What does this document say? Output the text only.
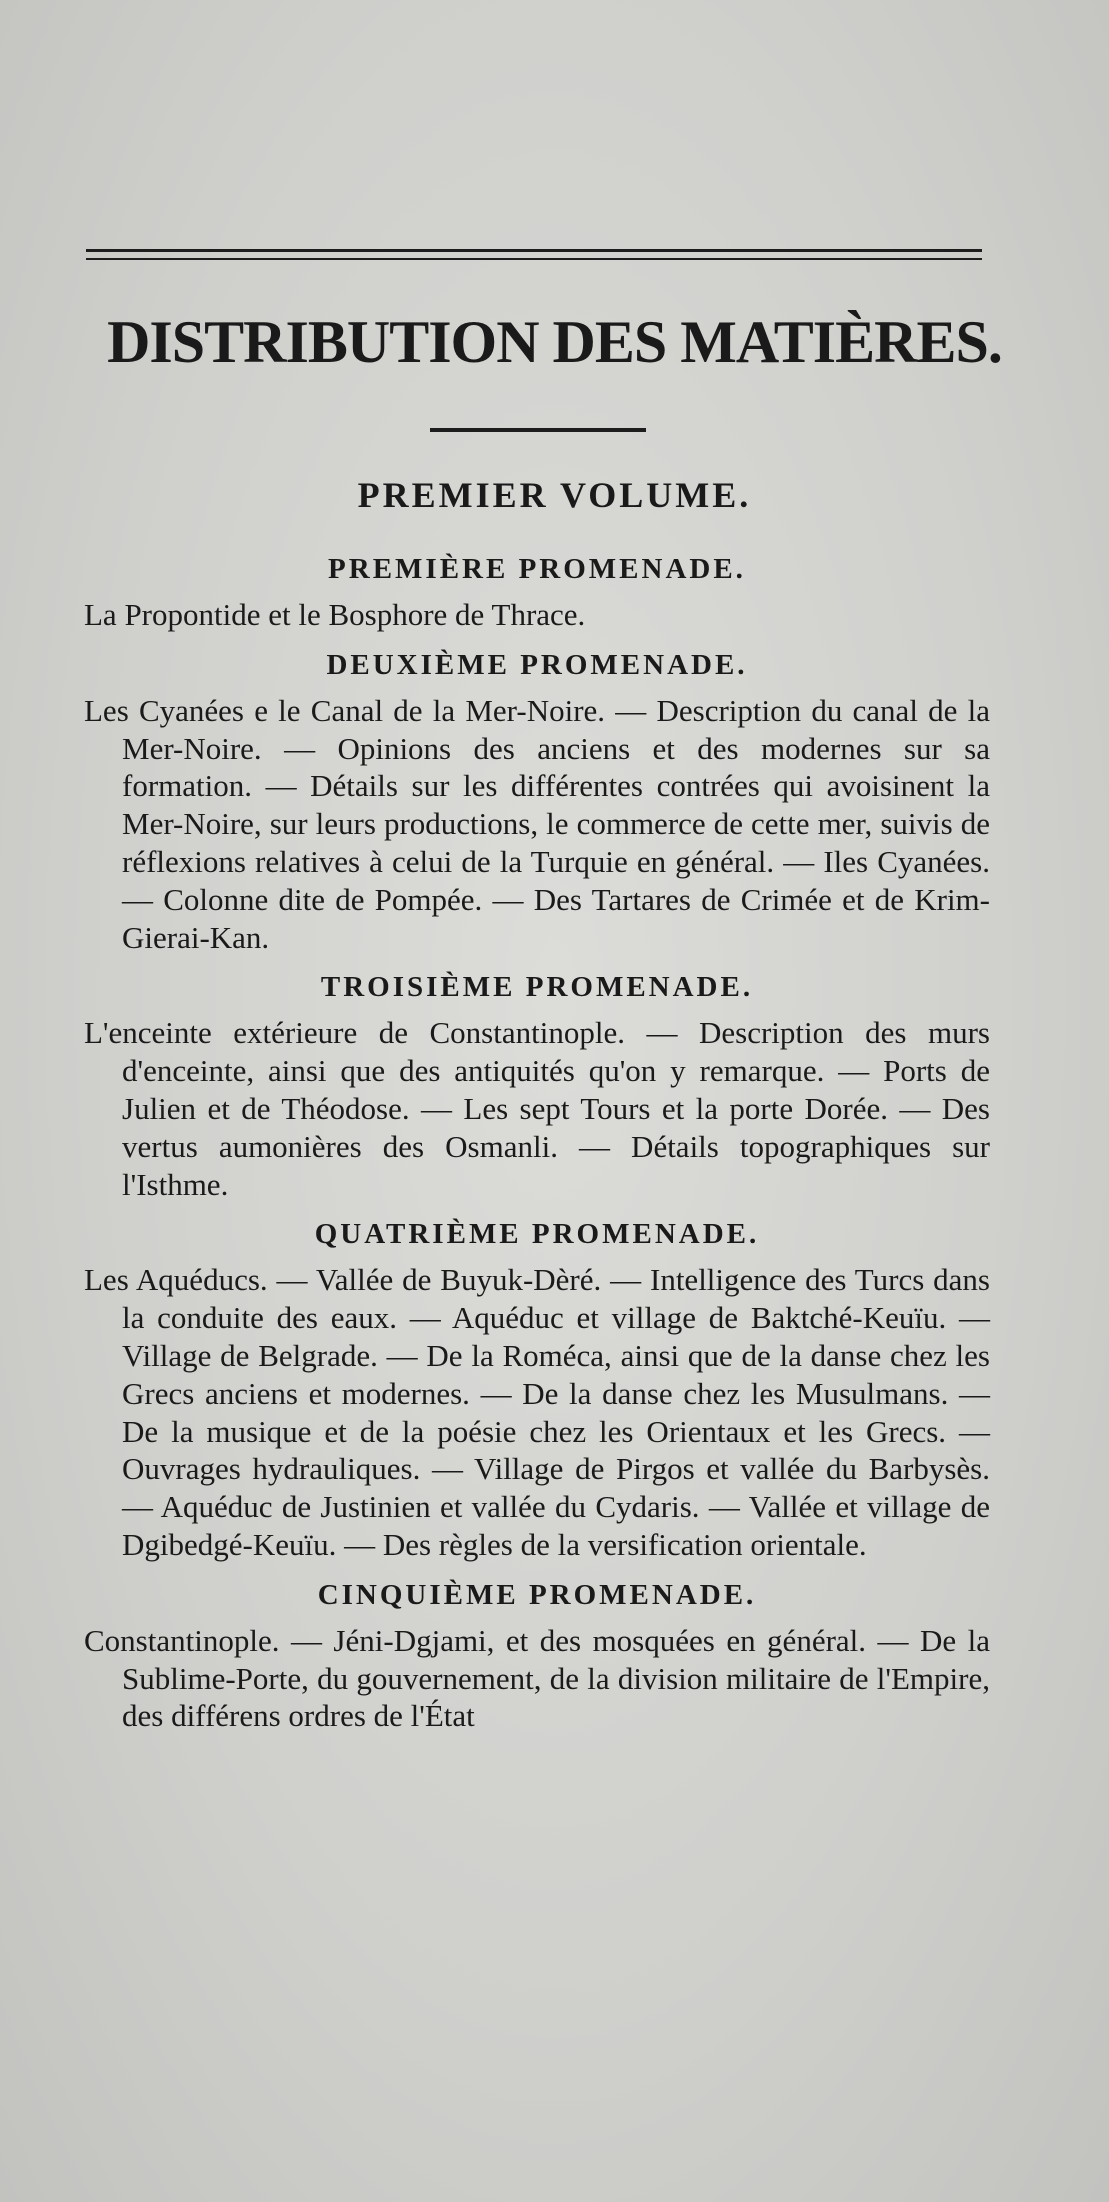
DISTRIBUTION DES MATIÈRES.
PREMIER VOLUME.
PREMIÈRE PROMENADE.

La Propontide et le Bosphore de Thrace.

DEUXIÈME PROMENADE.

Les Cyanées e le Canal de la Mer-Noire. — Description du canal de la Mer-Noire. — Opinions des anciens et des modernes sur sa formation. — Détails sur les différentes contrées qui avoisinent la Mer-Noire, sur leurs productions, le commerce de cette mer, suivis de réflexions relatives à celui de la Turquie en général. — Iles Cyanées. — Colonne dite de Pompée. — Des Tartares de Crimée et de Krim-Gierai-Kan.

TROISIÈME PROMENADE.

L'enceinte extérieure de Constantinople. — Description des murs d'enceinte, ainsi que des antiquités qu'on y remarque. — Ports de Julien et de Théodose. — Les sept Tours et la porte Dorée. — Des vertus aumonières des Osmanli. — Détails topographiques sur l'Isthme.

QUATRIÈME PROMENADE.

Les Aquéducs. — Vallée de Buyuk-Dèré. — Intelligence des Turcs dans la conduite des eaux. — Aquéduc et village de Baktché-Keuïu. — Village de Belgrade. — De la Roméca, ainsi que de la danse chez les Grecs anciens et modernes. — De la danse chez les Musulmans. — De la musique et de la poésie chez les Orientaux et les Grecs. — Ouvrages hydrauliques. — Village de Pirgos et vallée du Barbysès. — Aquéduc de Justinien et vallée du Cydaris. — Vallée et village de Dgibedgé-Keuïu. — Des règles de la versification orientale.

CINQUIÈME PROMENADE.

Constantinople. — Jéni-Dgjami, et des mosquées en général. — De la Sublime-Porte, du gouvernement, de la division militaire de l'Empire, des différens ordres de l'État
